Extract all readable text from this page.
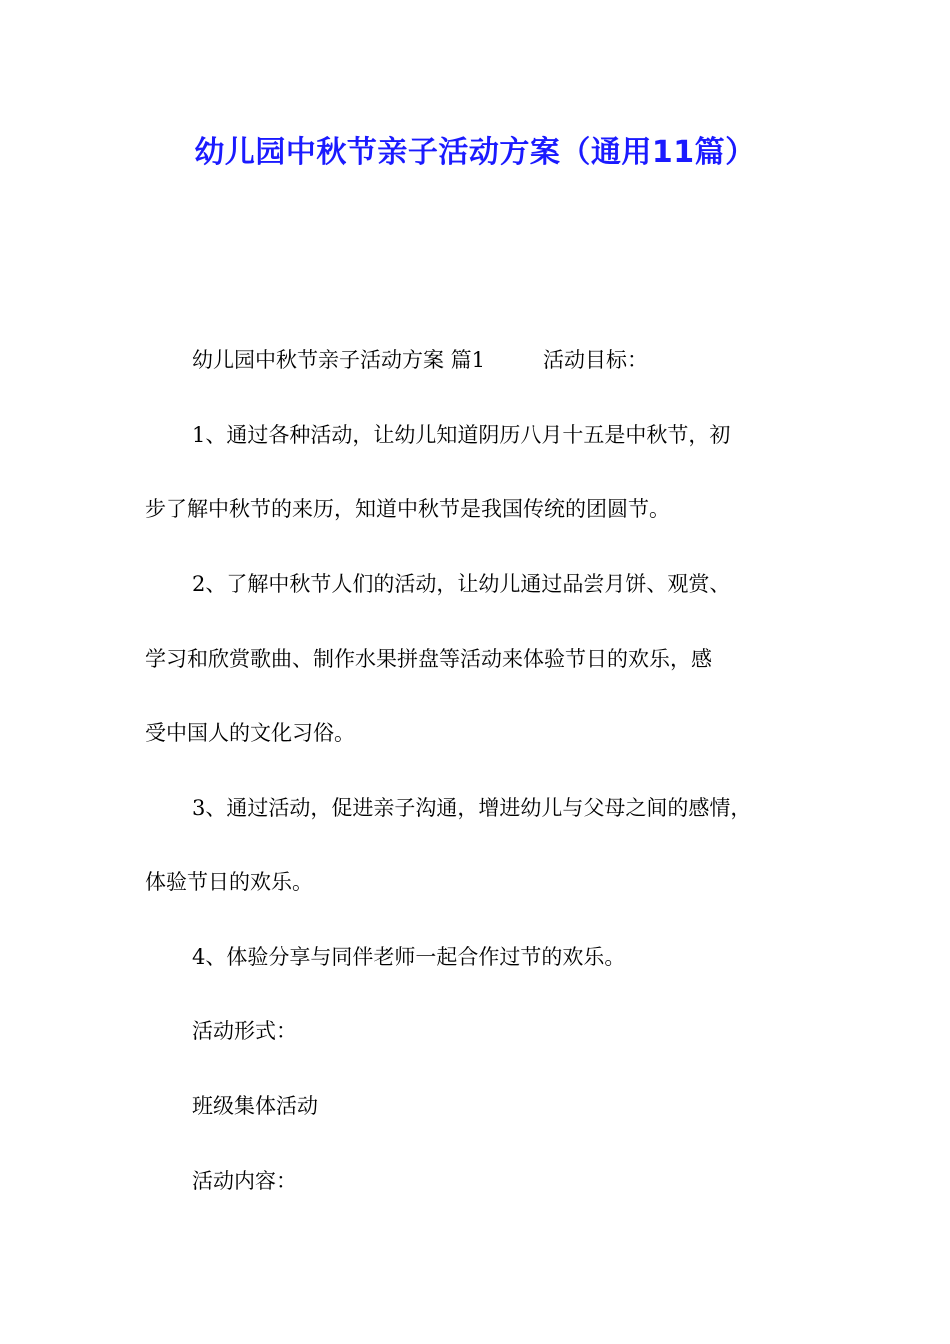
幼儿园中秋节亲子活动方案（通用11篇）

幼儿园中秋节亲子活动方案 篇1	活动目标：

1、通过各种活动，让幼儿知道阴历八月十五是中秋节，初

步了解中秋节的来历，知道中秋节是我国传统的团圆节。

2、了解中秋节人们的活动，让幼儿通过品尝月饼、观赏、

学习和欣赏歌曲、制作水果拼盘等活动来体验节日的欢乐，感

受中国人的文化习俗。

3、通过活动，促进亲子沟通，增进幼儿与父母之间的感情，

体验节日的欢乐。

4、体验分享与同伴老师一起合作过节的欢乐。

活动形式：

班级集体活动

活动内容：
